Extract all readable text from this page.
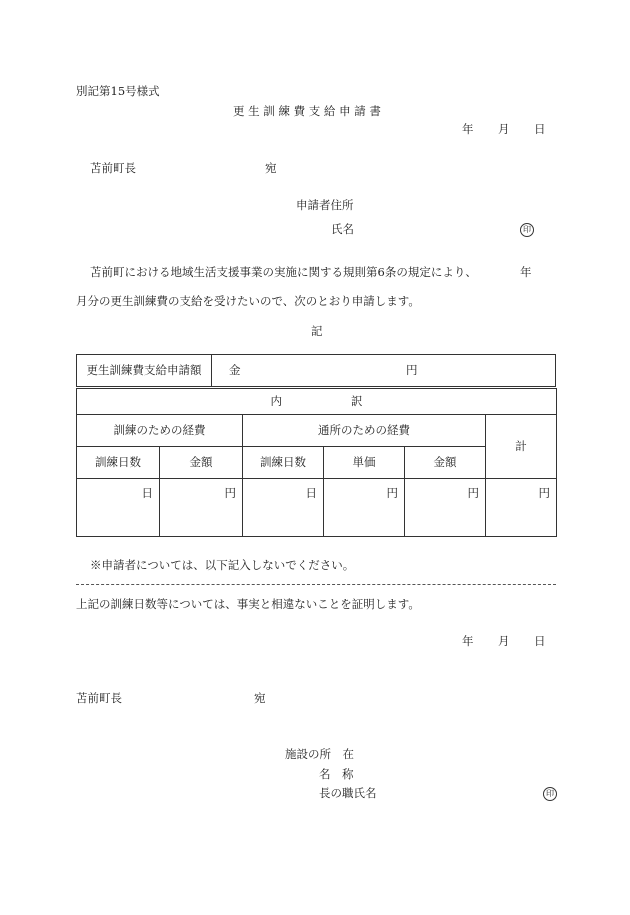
別記第15号様式
更 生 訓 練 費 支 給 申 請 書
年 月 日
苫前町長	宛
申請者住所
氏名	印
苫前町における地域生活支援事業の実施に関する規則第6条の規定により、	年
月分の更生訓練費の支給を受けたいので、次のとおり申請します。
記
更生訓練費支給申請額	金	円
内　　　　　　訳					
訓練のための経費		通所のための経費			計
訓練日数	金額	訓練日数	単価	金額	
日	円	日	円	円	円
※申請者については、以下記入しないでください。
上記の訓練日数等については、事実と相違ないことを証明します。
年 月 日
苫前町長	宛
施設の所　在
名　称
長の職氏名	印
